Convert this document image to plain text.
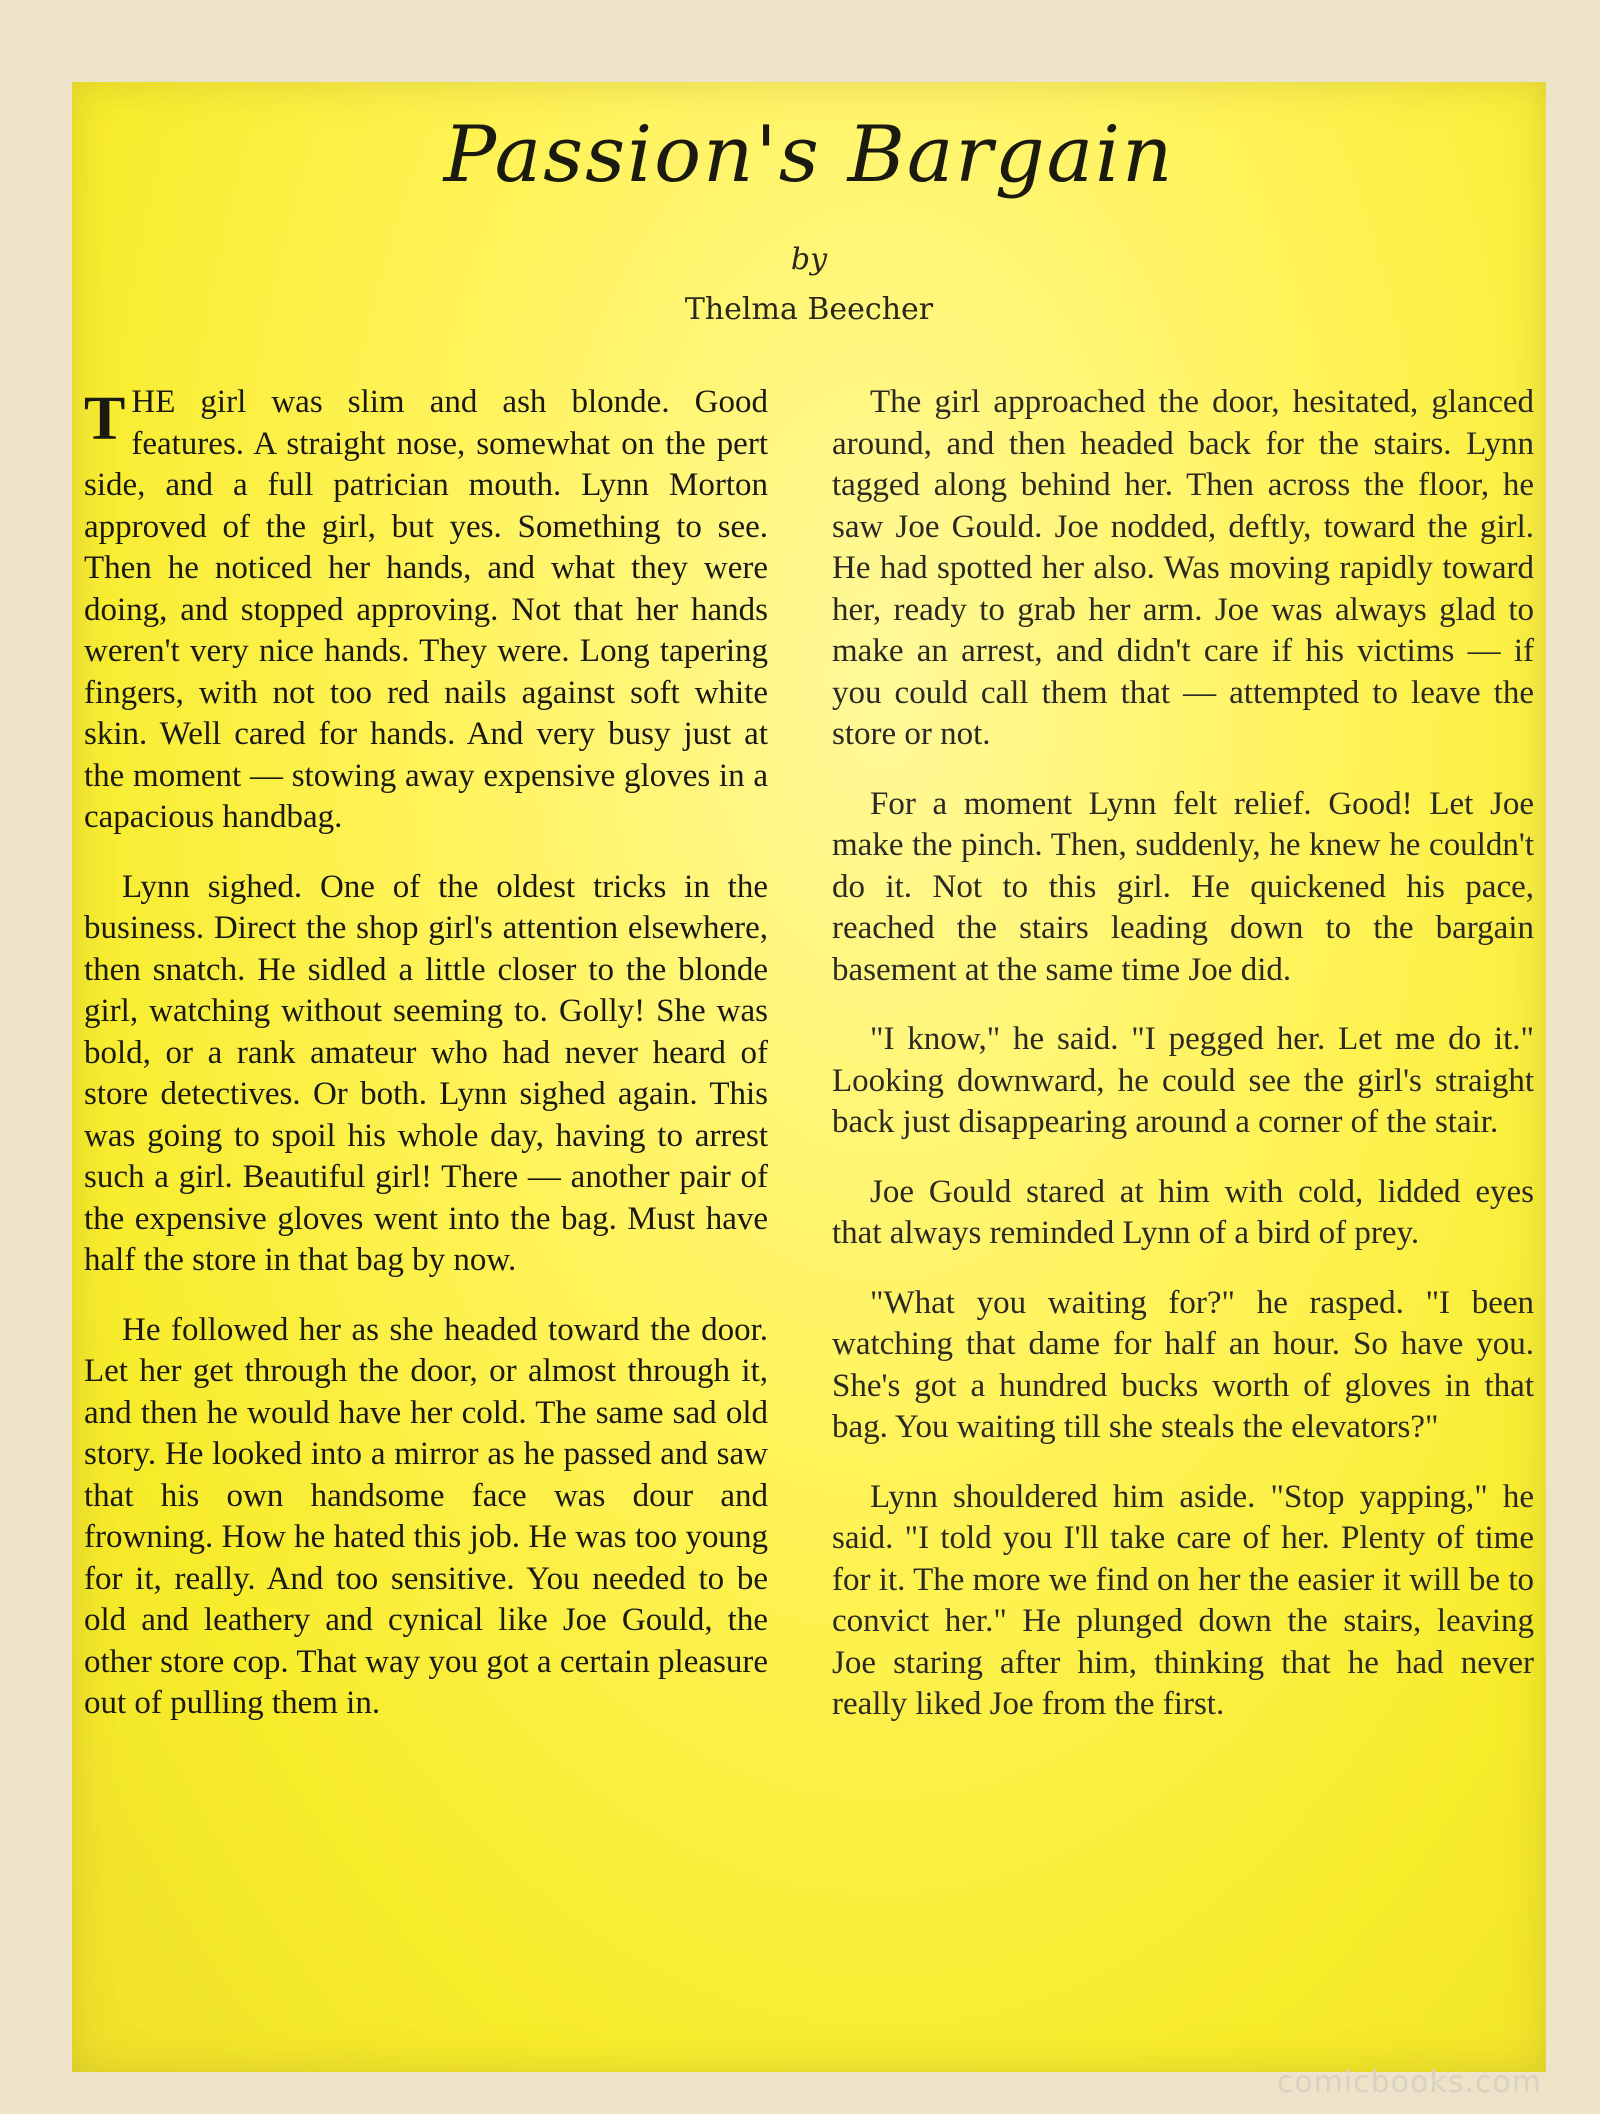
Passion's Bargain
by
Thelma Beecher

THE girl was slim and ash blonde. Good features. A straight nose, somewhat on the pert side, and a full patrician mouth. Lynn Morton approved of the girl, but yes. Something to see. Then he noticed her hands, and what they were doing, and stopped approving. Not that her hands weren't very nice hands. They were. Long tapering fingers, with not too red nails against soft white skin. Well cared for hands. And very busy just at the moment — stowing away expensive gloves in a capacious handbag.

Lynn sighed. One of the oldest tricks in the business. Direct the shop girl's attention elsewhere, then snatch. He sidled a little closer to the blonde girl, watching without seeming to. Golly! She was bold, or a rank amateur who had never heard of store detectives. Or both. Lynn sighed again. This was going to spoil his whole day, having to arrest such a girl. Beautiful girl! There — another pair of the expensive gloves went into the bag. Must have half the store in that bag by now.

He followed her as she headed toward the door. Let her get through the door, or almost through it, and then he would have her cold. The same sad old story. He looked into a mirror as he passed and saw that his own handsome face was dour and frowning. How he hated this job. He was too young for it, really. And too sensitive. You needed to be old and leathery and cynical like Joe Gould, the other store cop. That way you got a certain pleasure out of pulling them in.

The girl approached the door, hesitated, glanced around, and then headed back for the stairs. Lynn tagged along behind her. Then across the floor, he saw Joe Gould. Joe nodded, deftly, toward the girl. He had spotted her also. Was moving rapidly toward her, ready to grab her arm. Joe was always glad to make an arrest, and didn't care if his victims — if you could call them that — attempted to leave the store or not.

For a moment Lynn felt relief. Good! Let Joe make the pinch. Then, suddenly, he knew he couldn't do it. Not to this girl. He quickened his pace, reached the stairs leading down to the bargain basement at the same time Joe did.

"I know," he said. "I pegged her. Let me do it." Looking downward, he could see the girl's straight back just disappearing around a corner of the stair.

Joe Gould stared at him with cold, lidded eyes that always reminded Lynn of a bird of prey.

"What you waiting for?" he rasped. "I been watching that dame for half an hour. So have you. She's got a hundred bucks worth of gloves in that bag. You waiting till she steals the elevators?"

Lynn shouldered him aside. "Stop yapping," he said. "I told you I'll take care of her. Plenty of time for it. The more we find on her the easier it will be to convict her." He plunged down the stairs, leaving Joe staring after him, thinking that he had never really liked Joe from the first.

comicbooks.com
